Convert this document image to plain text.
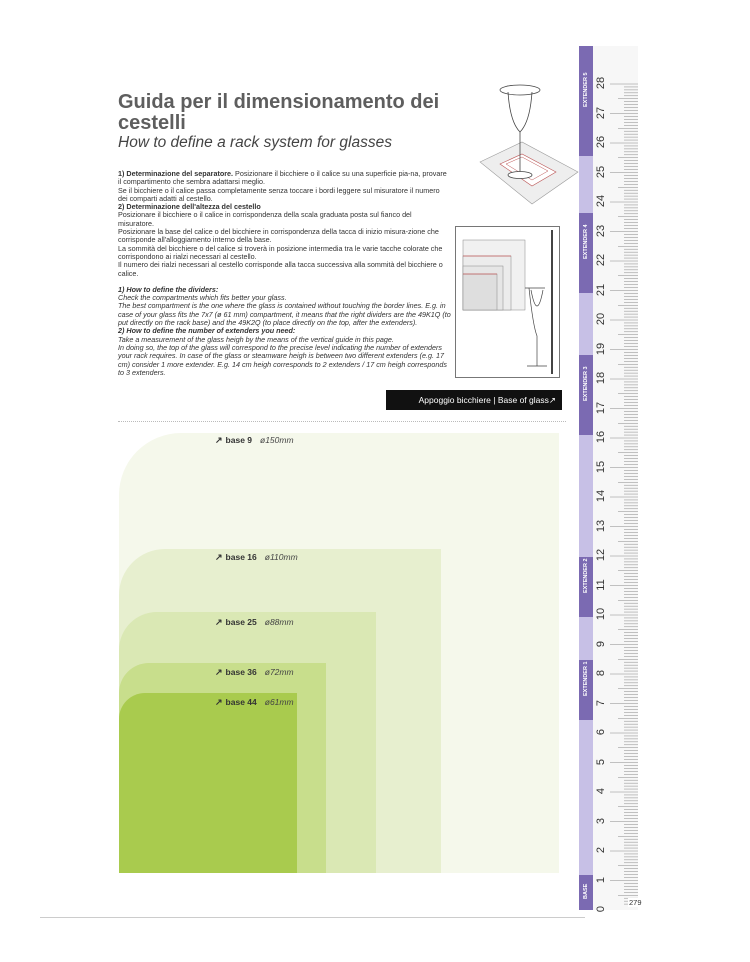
Guida per il dimensionamento dei cestelli
How to define a rack system for glasses

1) Determinazione del separatore. Posizionare il bicchiere o il calice su una superficie pia-na, provare il compartimento che sembra adattarsi meglio.

Se il bicchiere o il calice passa completamente senza toccare i bordi leggere sul misuratore il numero dei comparti adatti al cestello.

2) Determinazione dell'altezza del cestello

Posizionare il bicchiere o il calice in corrispondenza della scala graduata posta sul fianco del misuratore.

Posizionare la base del calice o del bicchiere in corrispondenza della tacca di inizio misura-zione che corrisponde all'alloggiamento interno della base.

La sommità del bicchiere o del calice si troverà in posizione intermedia tra le varie tacche colorate che corrispondono ai rialzi necessari al cestello.

Il numero dei rialzi necessari al cestello corrisponde alla tacca successiva alla sommità del bicchiere o calice.

1) How to define the dividers:

Check the compartments which fits better your glass.

The best compartment is the one where the glass is contained without touching the border lines. E.g. in case of your glass fits the 7x7 (ø 61 mm) compartment, it means that the right dividers are the 49K1Q (to put directly on the rack base) and the 49K2Q (to place directly on the top, after the extenders).

2) How to define the number of extenders you need:

Take a measurement of the glass heigh by the means of the vertical guide in this page.

In doing so, the top of the glass will correspond to the precise level indicating the number of extenders your rack requires. In case of the glass or steamware heigh is between two different extenders (e.g. 17 cm) consider 1 more extender. E.g. 14 cm heigh corresponds to 2 extenders / 17 cm heigh corresponds to 3 extenders.

Appoggio bicchiere | Base of glass↗
↗ base 9 ø150mm
↗ base 16 ø110mm
↗ base 25 ø88mm
↗ base 36 ø72mm
↗ base 44 ø61mm
28
27
26
25
24
23
22
21
20
19
18
17
16
15
14
13
12
11
10
9
8
7
6
5
4
3
2
1
0
BASE
279
